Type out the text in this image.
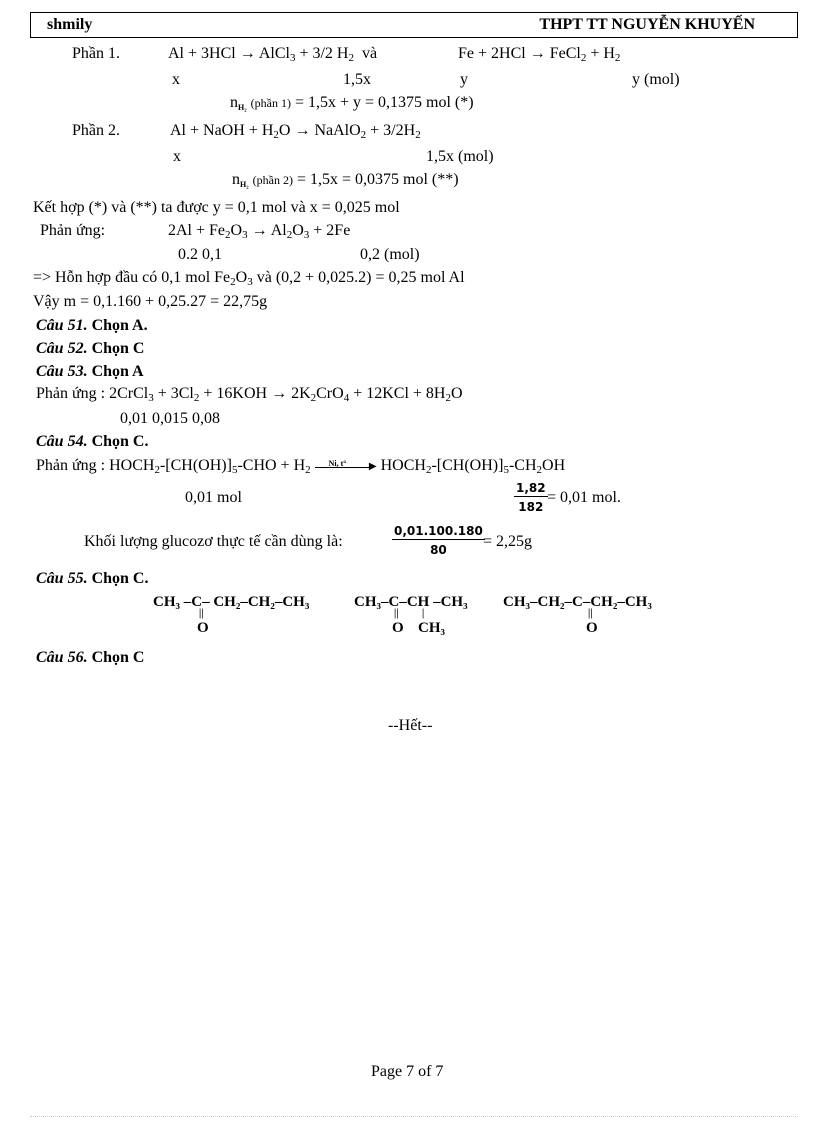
shmily	THPT TT NGUYỄN KHUYẾN
Phần 1.	Al + 3HCl → AlCl$_3$ + 3/2 $H_2$ và	Fe + 2HCl → FeCl$_2$ + $H_2$
x	1,5x	y	y (mol)
$n_{H_2}$ (phần 1) = 1,5x + y = 0,1375 mol (*)
Phần 2.	Al + NaOH + $H_2O$ → NaAlO$_2$ + $3/2H_2$
x	1,5x (mol)
$n_{H_2}$ (phần 2) = 1,5x = 0,0375 mol (**)
Kết hợp (*) và (**) ta được y = 0,1 mol và x = 0,025 mol
Phản ứng:	$2Al + Fe_2O_3 \to Al_2O_3 + 2Fe$
0.2 0,1	0,2 (mol)
=> Hỗn hợp đầu có 0,1 mol $Fe_2O_3$ và (0,2 + 0,025.2) = 0,25 mol Al
Vậy m = 0,1.160 + 0,25.27 = 22,75g
Câu 51. Chọn A.
Câu 52. Chọn C
Câu 53. Chọn A
Phản ứng : 2CrCl$_3$ + $3Cl_2 + 16KOH \to 2K_2CrO_4 + 12KCl + 8H_2O$
0,01 0,015 0,08
Câu 54. Chọn C.
Phản ứng : $HOCH_2-[CH(OH)]_5$-CHO + $H_2$
Ni, t° ▶ $HOCH_2-[CH(OH)]_5-CH_2OH$
0,01 mol	$\frac{1,82}{182} = 0,01$ mol.
Khối lượng glucozơ thực tế cần dùng là:	$\frac{0,01.100.180}{80}$
= 2,25g
Câu 55. Chọn C.
CH₃ –C– CH₂–CH₂–CH₃
||
O
CH₃–C–CH –CH₃
||
O
|
CH₃
CH₃–CH₂–C–CH₂–CH₃
||
O
Câu 56. Chọn C
--Hết--
Page 7 of 7
